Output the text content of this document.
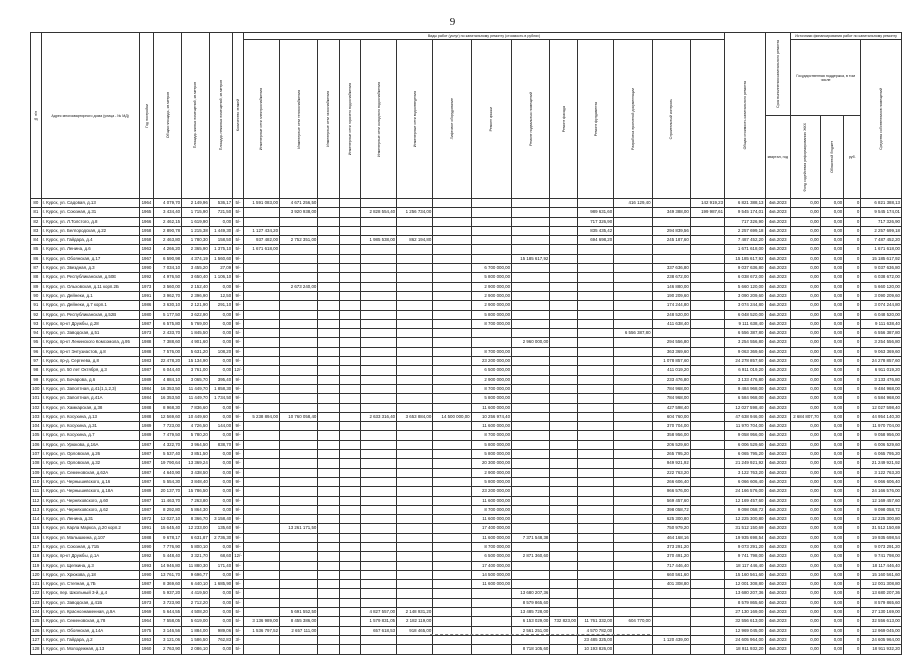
9
№ п/п	Адрес многоквартирного дома (улица - № МД)	Год постройки	Общая площадь, кв.метров	Площадь жилых помещений, кв.метров	Площадь нежилых помещений, кв.метров	Количество этажей	Виды работ (услуг) по капитальному ремонту (стоимость в рублях)														Общая стоимость капитального ремонта	Срок выполнения капитального ремонта	Источники финансирования работ по капитальному ремонту			

							Инженерные сети электроснабжения	Инженерные сети теплоснабжения	Инженерные сети газоснабжения	Инженерные сети горячего водоснабжения	Инженерные сети холодного водоснабжения	Инженерные сети водоотведения	Лифтовое оборудование	Ремонт крыши	Ремонт подвальных помещений	Ремонт фасада	Ремонт фундамента	Разработка проектной документации	Строительный контроль				Государственная поддержка, в том числе			Средства собственников помещений

																						квартал, год	Фонд содействия реформированию ЖКХ	Областной бюджет	руб.	
80	г. Курск, ул. Садовая, д.13	1964	4 079,70	2 149,96	536,17	5/-	1 591 083,00	4 671 256,50										416 129,40		142 919,23	6 821 388,13	4кв.2023	0,00	0,00	0	6 821 388,13
81	г. Курск, ул. Союзная, д.31	1965	3 434,40	1 715,90	721,50	5/-		3 920 938,00			2 828 554,40	1 256 734,00					989 631,60		349 388,00	199 987,61	9 545 174,01	4кв.2023	0,00	0,00	0	9 545 174,01
82	г. Курск, ул. Л.Толстого, д.8	1966	2 462,15	1 619,90	0,00	5/-											717 326,90				717 326,90	4кв.2023	0,00	0,00	0	717 326,90
83	г. Курск, ул. Белгородская, д.22	1958	2 890,78	1 215,38	1 449,30	4/-	1 127 434,20										835 435,42		294 839,56		2 257 699,18	4кв.2023	0,00	0,00	0	2 257 699,18
84	г. Курск, ул. Гайдара, д.4	1958	2 463,80	1 780,30	158,50	5/-	937 482,00	2 752 351,00			1 985 538,00	862 194,80					694 698,20		245 187,60		7 487 452,20	4кв.2023	0,00	0,00	0	7 487 452,20
85	г. Курск, ул. Ленина, д.6	1963	4 266,20	2 365,90	1 375,10	5/-	1 671 618,00														1 671 618,00	4кв.2023	0,00	0,00	0	1 671 618,00
86	г. Курск, ул. Обоянская, д.17	1967	6 590,98	4 374,19	1 560,60	9/-									15 185 617,92						15 185 617,92	4кв.2023	0,00	0,00	0	15 185 617,92
87	г. Курск, ул. Звездная, д.3	1990	7 034,10	3 455,20	27,09	9/-								6 700 000,00					337 636,80		9 037 636,80	4кв.2023	0,00	0,00	0	9 037 636,80
88	г. Курск, ул. Республиканская, д.50Е	1992	4 976,50	3 650,40	1 106,10	9/-								5 800 000,00					238 672,00		6 038 672,00	4кв.2023	0,00	0,00	0	6 038 672,00
89	г. Курск, ул. Ольховская, д.11 корп.2Б	1973	3 560,00	2 152,40	0,00	9/-		2 673 240,00						2 900 000,00					146 880,00		5 660 120,00	4кв.2023	0,00	0,00	0	5 660 120,00
90	г. Курск, ул. Дейнеки, д.1	1991	3 962,70	2 396,90	12,50	9/-								2 900 000,00					190 209,60		3 090 209,60	4кв.2023	0,00	0,00	0	3 090 209,60
91	г. Курск, ул. Дейнеки, д.7 корп.1	1986	3 630,10	2 121,90	291,10	9/-								2 900 000,00					174 244,80		3 074 244,80	4кв.2023	0,00	0,00	0	3 074 244,80
92	г. Курск, ул. Республиканская, д.52В	1980	5 177,50	3 622,90	0,00	9/-								5 800 000,00					248 520,00		6 048 520,00	4кв.2023	0,00	0,00	0	6 048 520,00
93	г. Курск, пр-кт Дружбы, д.28	1987	6 575,80	5 769,00	0,00	9/-								8 700 000,00					411 638,40		9 111 638,40	4кв.2023	0,00	0,00	0	9 111 638,40
94	г. Курск, ул. Заводская, д.51	1973	2 433,70	1 845,50	0,00	5/-												6 556 387,80			6 556 387,80	4кв.2023	0,00	0,00	0	6 556 387,80
95	г. Курск, пр-кт Ленинского Комсомола, д.95	1988	7 388,60	4 901,60	0,00	9/-									2 960 000,00				294 556,80		3 254 556,80	4кв.2023	0,00	0,00	0	3 254 556,80
96	г. Курск, пр-кт Энтузиастов, д.8	1988	7 576,00	5 631,20	108,20	9/-								8 700 000,00					363 369,60		9 063 369,60	4кв.2023	0,00	0,00	0	9 063 369,60
97	г. Курск, пр-д. Сергеева, д.8	1983	22 478,20	15 134,90	0,00	9/-								23 200 000,00					1 078 857,60		24 278 857,60	4кв.2023	0,00	0,00	0	24 278 857,60
98	г. Курск, ул. 50 лет Октября, д.3	1987	6 044,40	3 761,00	0,00	12/-								6 500 000,00					411 019,20		6 911 019,20	4кв.2023	0,00	0,00	0	6 911 019,20
99	г. Курск, ул. Бочарова, д.6	1989	4 884,10	3 065,70	395,40	9/-								2 900 000,00					233 476,80		3 133 476,80	4кв.2023	0,00	0,00	0	3 133 476,80
100	г. Курск, ул. Заполтная, д.41(1,1,2,3)	1984	16 353,50	11 449,70	1 858,30	9/-								8 700 000,00					784 968,00		9 484 968,00	4кв.2023	0,00	0,00	0	9 484 968,00
101	г. Курск, ул. Заполтная, д.41А	1984	16 353,50	11 449,70	1 734,50	9/-								5 800 000,00					784 968,00		6 584 968,00	4кв.2023	0,00	0,00	0	6 584 968,00
102	г. Курск, ул. Хамкарская, д.38	1988	8 968,30	7 836,60	0,00	9/-								11 600 000,00					427 598,40		12 027 598,40	4кв.2023	0,00	0,00	0	12 027 598,40
103	г. Курск, ул. Косухина, д.13	1988	12 569,60	10 449,60	0,00	9/-	5 238 894,00	10 760 058,40			2 633 316,40	3 653 884,00	14 500 000,00	10 256 974,40					604 760,00		47 638 946,00	4кв.2023	2 684 807,70	0,00	0	44 954 140,30
104	г. Курск, ул. Косухина, д.31	1989	7 723,00	4 726,50	144,00	9/-								11 600 000,00					370 704,00		11 970 704,00	4кв.2023	0,00	0,00	0	11 970 704,00
105	г. Курск, ул. Косухина, д.7	1989	7 479,50	5 780,20	0,00	9/-								8 700 000,00					358 956,00		9 058 956,00	4кв.2023	0,00	0,00	0	9 058 956,00
106	г. Курск, ул. Урюкова, д.16А	1987	4 322,70	3 964,50	838,70	9/-								5 800 000,00					206 529,60		6 006 529,60	4кв.2023	0,00	0,00	0	6 006 529,60
107	г. Курск, ул. Орловская, д.26	1987	5 537,40	3 851,50	0,00	9/-								5 800 000,00					265 795,20		6 065 795,20	4кв.2023	0,00	0,00	0	6 065 795,20
108	г. Курск, ул. Орловская, д.32	1987	19 790,64	13 369,24	0,00	9/-								20 300 000,00					949 921,92		21 249 921,92	4кв.2023	0,00	0,00	0	21 249 921,92
109	г. Курск, ул. Семеновская, д.62А	1987	4 640,90	3 438,50	0,00	9/-								2 900 000,00					222 763,20		3 122 763,20	4кв.2023	0,00	0,00	0	3 122 763,20
110	г. Курск, ул. Чернышевского, д.16	1987	5 554,30	3 848,40	0,00	9/-								5 800 000,00					266 606,40		6 066 606,40	4кв.2023	0,00	0,00	0	6 066 606,40
111	г. Курск, ул. Чернышевского, д.18А	1989	20 137,70	15 786,50	0,00	9/-								23 200 000,00					966 576,00		24 166 576,00	4кв.2023	0,00	0,00	0	24 166 576,00
112	г. Курск, ул. Черняховского, д.60	1987	11 463,70	7 263,80	0,00	9/-								11 600 000,00					569 457,60		12 169 457,60	4кв.2023	0,00	0,00	0	12 169 457,60
113	г. Курск, ул. Черняховского, д.62	1987	8 292,80	5 864,30	0,00	9/-								8 700 000,00					398 058,72		9 098 058,72	4кв.2023	0,00	0,00	0	9 098 058,72
114	г. Курск, ул. Ленина, д.31	1972	12 027,10	8 366,70	3 158,40	9/-								11 600 000,00					625 300,80		12 225 300,80	4кв.2023	0,00	0,00	0	12 225 300,80
115	г. Курск, ул. Карла Маркса, д.20 корп.2	1991	15 645,40	12 233,00	135,60	9/-		13 261 171,50						17 400 000,00					750 979,20		31 512 150,69	4кв.2023	0,00	0,00	0	31 512 150,69
116	г. Курск, ул. Малышкина, д.107	1988	9 678,17	6 631,87	2 736,30	9/-								11 600 000,00	7 371 548,38				464 168,16		19 935 698,54	4кв.2023	0,00	0,00	0	19 935 698,54
117	г. Курск, ул. Союзная, д.71Б	1990	7 776,90	5 800,10	0,00	9/-								8 700 000,00					373 291,20		9 073 291,20	4кв.2023	0,00	0,00	0	9 073 291,20
118	г. Курск, пр-кт Дружбы, д.1А	1992	5 448,40	3 321,70	68,60	12/-								6 500 000,00	2 871 360,60				370 491,20		9 741 798,00	4кв.2023	0,00	0,00	0	9 741 798,00
119	г. Курск, ул. Щепкина, д.3	1993	14 946,80	11 880,30	171,40	9/-								17 400 000,00					717 446,40		18 117 446,40	4кв.2023	0,00	0,00	0	18 117 446,40
120	г. Курск, ул. Хрюкова, д.18	1990	13 761,70	9 696,77	0,00	9/-								14 500 000,00					660 561,60		15 160 561,60	4кв.2023	0,00	0,00	0	15 160 561,60
121	г. Курск, ул. Степная, д.7Б	1987	8 369,60	6 440,10	1 685,90	9/-								11 600 000,00					401 308,80		12 001 308,80	4кв.2023	0,00	0,00	0	12 001 308,80
122	г. Курск, пер. Школьный 3-й, д.4	1980	5 937,20	4 419,50	0,00	5/-									13 680 207,36						13 680 207,36	4кв.2023	0,00	0,00	0	13 680 207,36
123	г. Курск, ул. Заводская, д.41Б	1973	3 723,90	2 712,20	0,00	5/-									8 579 865,60						8 579 865,60	4кв.2023	0,00	0,00	0	8 579 865,60
124	г. Курск, ул. Красноэнаменная, д.9А	1969	5 644,55	4 508,20	0,00	5/-		5 691 552,50			4 827 557,00	2 148 931,20			13 485 728,00						27 130 169,00	4кв.2023	0,00	0,00	0	27 130 169,00
125	г. Курск, ул. Семеновская, д.78	1964	7 558,05	5 619,00	0,00	5/-	3 136 989,00	8 455 386,00			1 579 831,05	2 182 119,00			6 153 029,00	732 823,00	11 761 332,00	604 770,00			32 556 613,00	4кв.2023	0,00	0,00	0	32 556 613,00
126	г. Курск, ул. Обоянская, д.14А	1975	3 146,56	1 884,00	989,06	5/-	1 536 797,52	2 657 111,00			657 618,53	918 465,00			2 561 251,00		4 570 782,00				12 969 045,00	4кв.2023	0,00	0,00	0	12 969 045,00
127	г. Курск, ул. Гайдара, д.2	1953	3 121,06	1 586,50	762,83	3/-											23 485 325,00		1 120 439,00		24 605 964,00	4кв.2023	0,00	0,00	0	24 605 964,00
128	г. Курск, ул. Молодежная, д.13	1960	2 763,90	2 086,10	0,00	5/-									8 718 105,60		10 193 826,00				18 911 932,20	4кв.2023	0,00	0,00	0	18 911 932,20
